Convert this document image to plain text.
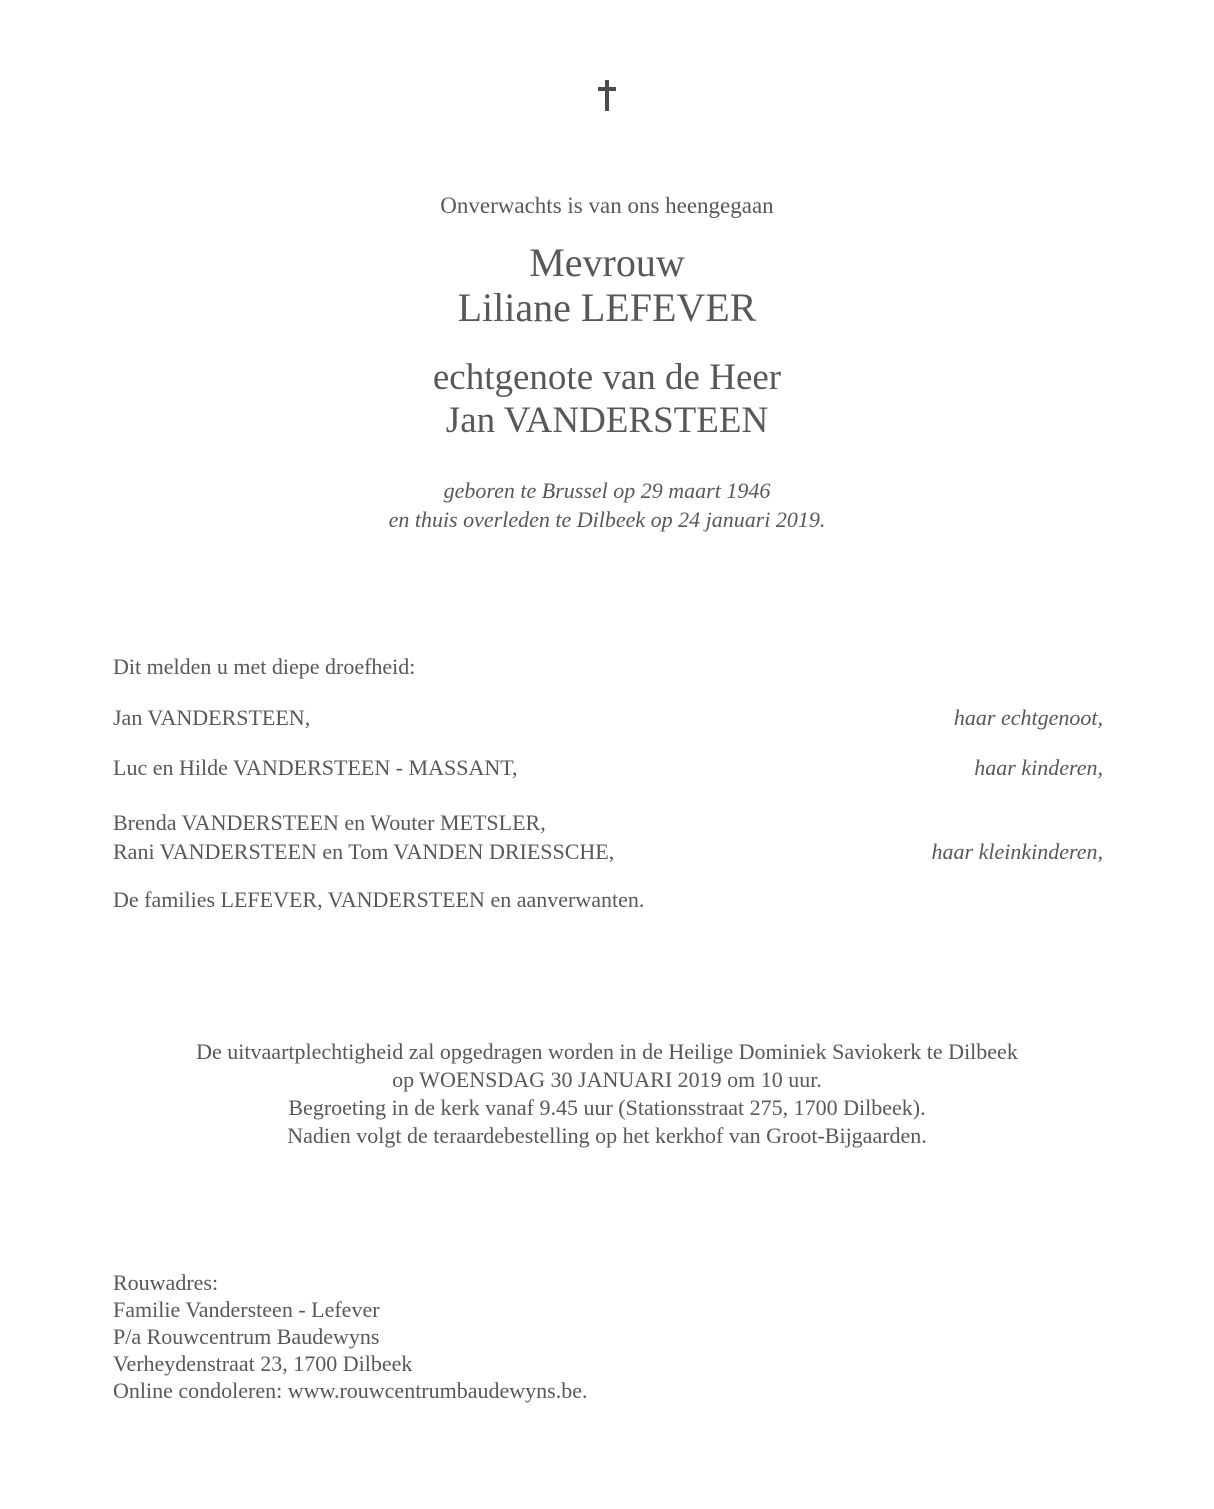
Onverwachts is van ons heengegaan
Mevrouw
Liliane LEFEVER
echtgenote van de Heer
Jan VANDERSTEEN
geboren te Brussel op 29 maart 1946
en thuis overleden te Dilbeek op 24 januari 2019.
Dit melden u met diepe droefheid:
Jan VANDERSTEEN,	haar echtgenoot,
Luc en Hilde VANDERSTEEN - MASSANT,	haar kinderen,
Brenda VANDERSTEEN en Wouter METSLER,
Rani VANDERSTEEN en Tom VANDEN DRIESSCHE,	haar kleinkinderen,
De families LEFEVER, VANDERSTEEN en aanverwanten.
De uitvaartplechtigheid zal opgedragen worden in de Heilige Dominiek Saviokerk te Dilbeek
op WOENSDAG 30 JANUARI 2019 om 10 uur.
Begroeting in de kerk vanaf 9.45 uur (Stationsstraat 275, 1700 Dilbeek).
Nadien volgt de teraardebestelling op het kerkhof van Groot-Bijgaarden.
Rouwadres:
Familie Vandersteen - Lefever
P/a Rouwcentrum Baudewyns
Verheydenstraat 23, 1700 Dilbeek
Online condoleren: www.rouwcentrumbaudewyns.be.
